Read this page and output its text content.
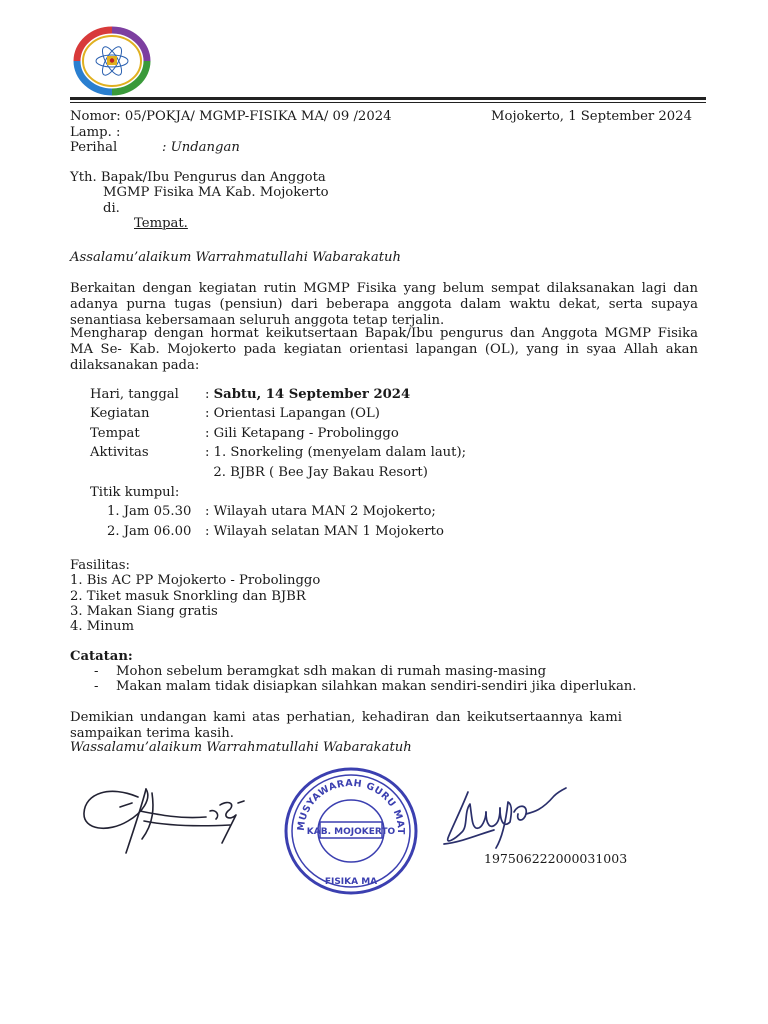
Nomor: 05/POKJA/ MGMP-FISIKA MA/ 09 /2024	Mojokerto, 1 September 2024
Lamp. :
Perihal	: Undangan
Yth. Bapak/Ibu Pengurus dan Anggota
MGMP Fisika MA Kab. Mojokerto
di.
Tempat.
Assalamu’alaikum Warrahmatullahi Wabarakatuh
Berkaitan dengan kegiatan rutin MGMP Fisika yang belum sempat dilaksanakan lagi dan
adanya purna tugas (pensiun) dari beberapa anggota dalam waktu dekat, serta supaya
senantiasa kebersamaan seluruh anggota tetap terjalin.
Mengharap dengan hormat keikutsertaan Bapak/Ibu pengurus dan Anggota MGMP Fisika
MA Se- Kab. Mojokerto pada kegiatan orientasi lapangan (OL), yang in syaa Allah akan
dilaksanakan pada:
Hari, tanggal : Sabtu, 14 September 2024
Kegiatan	: Orientasi Lapangan (OL)
Tempat	: Gili Ketapang - Probolinggo
Aktivitas	: 1. Snorkeling (menyelam dalam laut);
2. BJBR ( Bee Jay Bakau Resort)
Titik kumpul:
1. Jam 05.30 : Wilayah utara MAN 2 Mojokerto;
2. Jam 06.00 : Wilayah selatan MAN 1 Mojokerto
Fasilitas:
1. Bis AC PP Mojokerto - Probolinggo
2. Tiket masuk Snorkling dan BJBR
3. Makan Siang gratis
4. Minum
Catatan:
- Mohon sebelum beramgkat sdh makan di rumah masing-masing
- Makan malam tidak disiapkan silahkan makan sendiri-sendiri jika diperlukan.
Demikian undangan kami atas perhatian, kehadiran dan keikutsertaannya kami
sampaikan terima kasih.
Wassalamu’alaikum Warrahmatullahi Wabarakatuh
MUSYAWARAH GURU MATA PELAJARAN (MGMP)
KAB. MOJOKERTO
FISIKA MA
197506222000031003
